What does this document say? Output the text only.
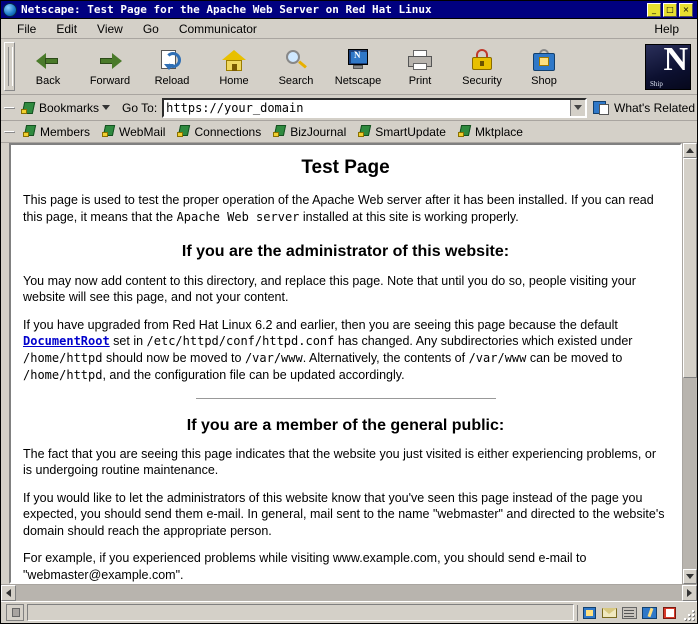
Netscape: Test Page for the Apache Web Server on Red Hat Linux	_ □ ×
File	Edit	View	Go	Communicator	Help
Back	Forward Reload	Home	Search
N
Netscape Print	Security	Shop
N
Ship
Bookmarks Go To:
https://your_domain	What's Related
Members WebMail Connections BizJournal SmartUpdate Mktplace
Test Page

This page is used to test the proper operation of the Apache Web server after it has been installed. If you can read this page, it means that the Apache Web server installed at this site is working properly.

If you are the administrator of this website:

You may now add content to this directory, and replace this page. Note that until you do so, people visiting your website will see this page, and not your content.

If you have upgraded from Red Hat Linux 6.2 and earlier, then you are seeing this page because the default DocumentRoot set in /etc/httpd/conf/httpd.conf has changed. Any subdirectories which existed under /home/httpd should now be moved to /var/www. Alternatively, the contents of /var/www can be moved to /home/httpd, and the configuration file can be updated accordingly.

If you are a member of the general public:

The fact that you are seeing this page indicates that the website you just visited is either experiencing problems, or is undergoing routine maintenance.

If you would like to let the administrators of this website know that you've seen this page instead of the page you expected, you should send them e-mail. In general, mail sent to the name "webmaster" and directed to the website's domain should reach the appropriate person.

For example, if you experienced problems while visiting www.example.com, you should send e-mail to "webmaster@example.com".
